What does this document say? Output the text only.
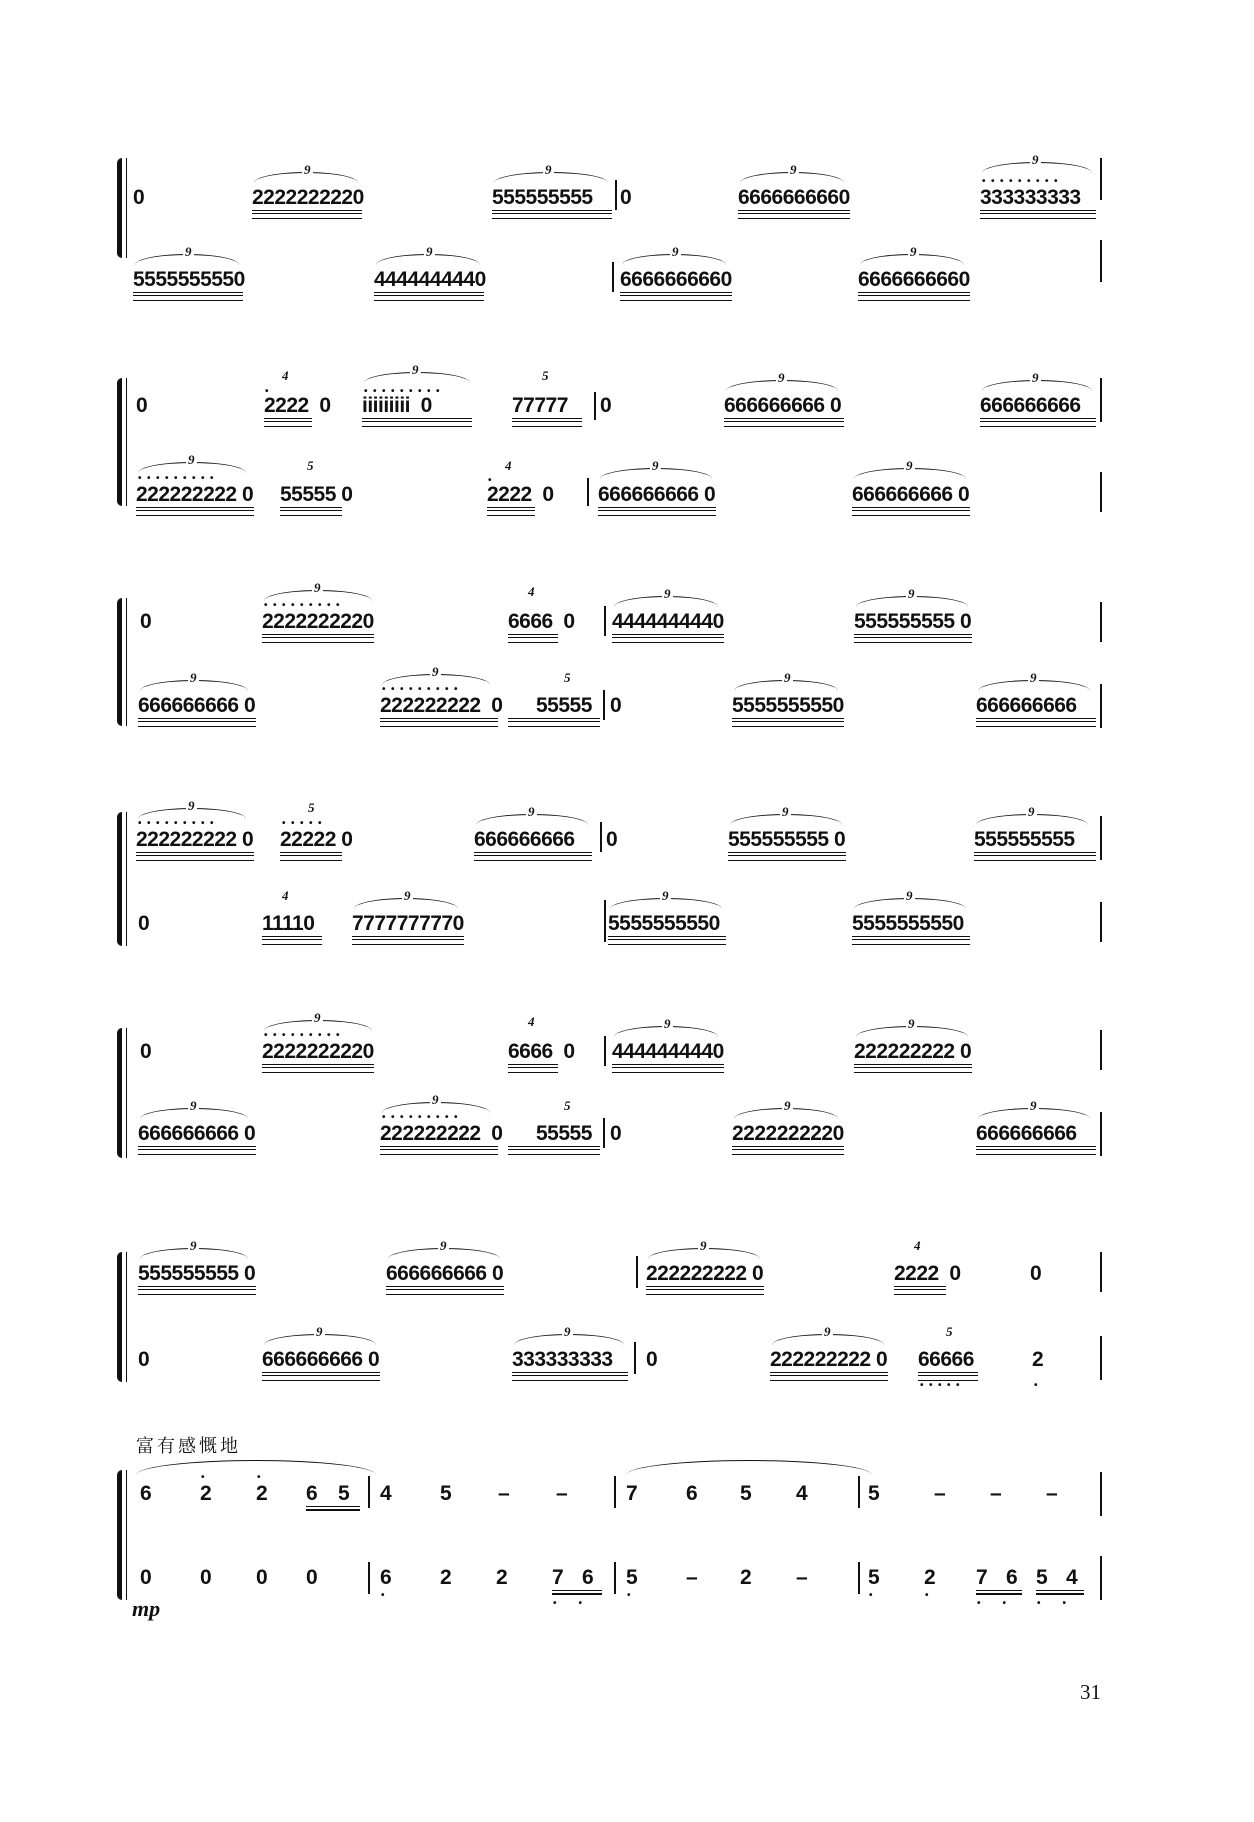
0	2222222220
9
555555555
9
0	6666666660
9
333333333
•••••••••
9
5555555550
9
4444444440
9
6666666660
9
6666666660
9
0	2222  0
•
4
iiiiiiiii  0
•••••••••
9
77777
5
0	666666666 0
9
666666666
9
222222222 0
•••••••••
9
55555 0
5
2222  0
•
4
666666666 0
9
666666666 0
9
0	2222222220
•••••••••
9
6666  0
4
4444444440
9
555555555 0
9
666666666 0
9
222222222  0
•••••••••
9
55555
5
0	5555555550
9
666666666
9
222222222 0
•••••••••
9
22222 0
•••••
5
666666666
9
0	555555555 0
9
555555555
9
0	11110
4
7777777770
9
5555555550
9
5555555550
9
0	2222222220
•••••••••
9
6666  0
4
4444444440
9
222222222 0
9
666666666 0
9
222222222  0
•••••••••
9
55555
5
0	2222222220
9
666666666
9
555555555 0
9
666666666 0
9
222222222 0
9
2222  0
4
0
0	666666666 0
9
333333333
9
0	222222222 0
9
66666
•••••
5
2
•
富有感慨地
6 2
•
2
•
6 5 4 5 – –	7 6 5 4	5	– – –
0 0 0 0	6
•
2 2 7 6
•  •
5
•
– 2 –	5
•
2
•
7 6
•  •
5 4
•  •
mp
31
